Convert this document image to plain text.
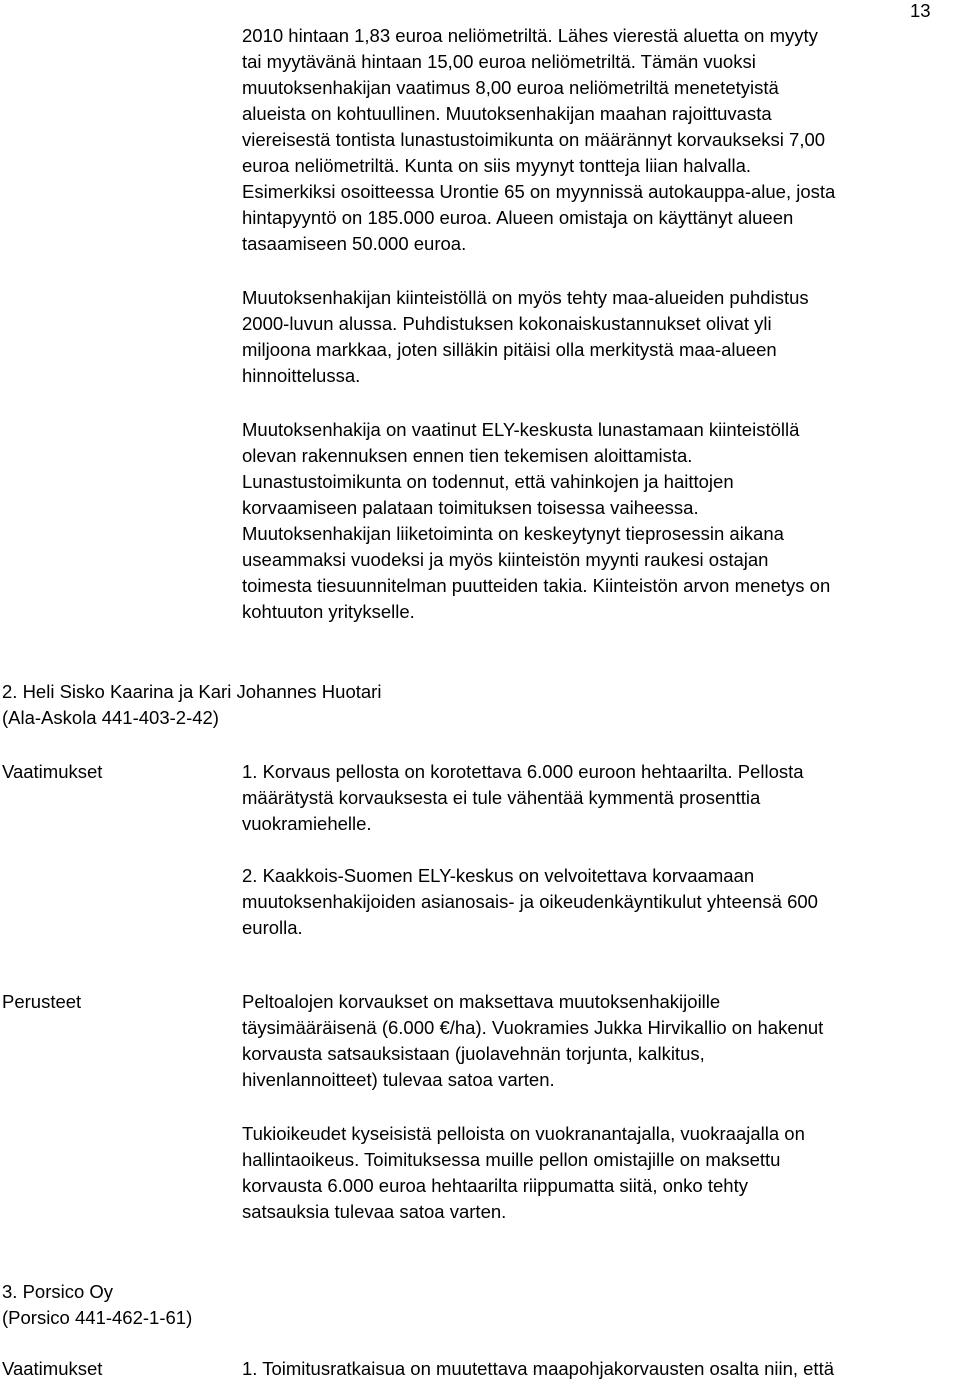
13
2010 hintaan 1,83 euroa neliömetriltä. Lähes vierestä aluetta on myyty
tai myytävänä hintaan 15,00 euroa neliömetriltä. Tämän vuoksi
muutoksenhakijan vaatimus 8,00 euroa neliömetriltä menetetyistä
alueista on kohtuullinen. Muutoksenhakijan maahan rajoittuvasta
viereisestä tontista lunastustoimikunta on määrännyt korvaukseksi 7,00
euroa neliömetriltä. Kunta on siis myynyt tontteja liian halvalla.
Esimerkiksi osoitteessa Urontie 65 on myynnissä autokauppa-alue, josta
hintapyyntö on 185.000 euroa. Alueen omistaja on käyttänyt alueen
tasaamiseen 50.000 euroa.
Muutoksenhakijan kiinteistöllä on myös tehty maa-alueiden puhdistus
2000-luvun alussa. Puhdistuksen kokonaiskustannukset olivat yli
miljoona markkaa, joten silläkin pitäisi olla merkitystä maa-alueen
hinnoittelussa.
Muutoksenhakija on vaatinut ELY-keskusta lunastamaan kiinteistöllä
olevan rakennuksen ennen tien tekemisen aloittamista.
Lunastustoimikunta on todennut, että vahinkojen ja haittojen
korvaamiseen palataan toimituksen toisessa vaiheessa.
Muutoksenhakijan liiketoiminta on keskeytynyt tieprosessin aikana
useammaksi vuodeksi ja myös kiinteistön myynti raukesi ostajan
toimesta tiesuunnitelman puutteiden takia. Kiinteistön arvon menetys on
kohtuuton yritykselle.
2. Heli Sisko Kaarina ja Kari Johannes Huotari
(Ala-Askola 441-403-2-42)
Vaatimukset	1. Korvaus pellosta on korotettava 6.000 euroon hehtaarilta. Pellosta
määrätystä korvauksesta ei tule vähentää kymmentä prosenttia
vuokramiehelle.
2. Kaakkois-Suomen ELY-keskus on velvoitettava korvaamaan
muutoksenhakijoiden asianosais- ja oikeudenkäyntikulut yhteensä 600
eurolla.
Perusteet	Peltoalojen korvaukset on maksettava muutoksenhakijoille
täysimääräisenä (6.000 €/ha). Vuokramies Jukka Hirvikallio on hakenut
korvausta satsauksistaan (juolavehnän torjunta, kalkitus,
hivenlannoitteet) tulevaa satoa varten.
Tukioikeudet kyseisistä pelloista on vuokranantajalla, vuokraajalla on
hallintaoikeus. Toimituksessa muille pellon omistajille on maksettu
korvausta 6.000 euroa hehtaarilta riippumatta siitä, onko tehty
satsauksia tulevaa satoa varten.
3. Porsico Oy
(Porsico 441-462-1-61)
Vaatimukset	1. Toimitusratkaisua on muutettava maapohjakorvausten osalta niin, että
